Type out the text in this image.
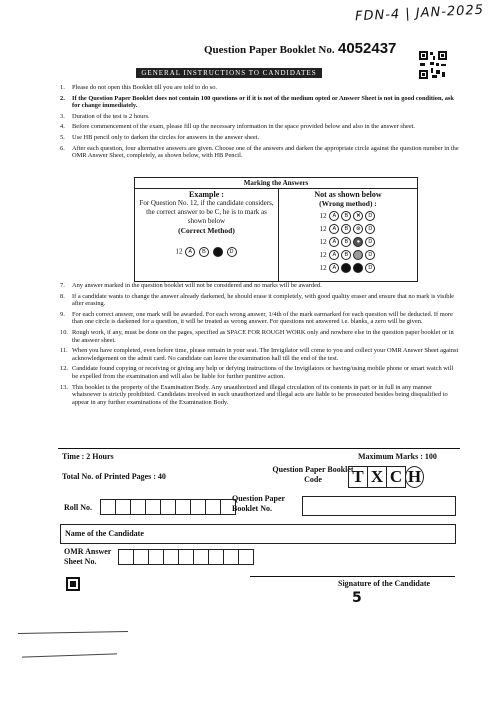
FDN-4 | JAN-2025
Question Paper Booklet No. 4052437
GENERAL INSTRUCTIONS TO CANDIDATES
1. Please do not open this Booklet till you are told to do so.
2. If the Question Paper Booklet does not contain 100 questions or if it is not of the medium opted or Answer Sheet is not in good condition, ask for change immediately.
3. Duration of the test is 2 hours.
4. Before commencement of the exam, please fill up the necessary information in the space provided below and also in the answer sheet.
5. Use HB pencil only to darken the circles for answers in the answer sheet.
6. After each question, four alternative answers are given. Choose one of the answers and darken the appropriate circle against the question number in the OMR Answer Sheet, completely, as shown below, with HB Pencil.
Marking the Answers

Example :
For Question No. 12, if the candidate considers, the correct answer to be C, he is to mark as shown below
(Correct Method)
12 A B	D

Not as shown below
(Wrong method) :
12 A B ✕ D
12 A B ⊗ D
12 A B ● D
12 A B	D
12 A	D
7. Any answer marked in the question booklet will not be considered and no marks will be awarded.
8. If a candidate wants to change the answer already darkened, he should erase it completely, with good quality eraser and ensure that no mark is visible after erasing.
9. For each correct answer, one mark will be awarded. For each wrong answer, 1/4th of the mark earmarked for each question will be deducted. If more than one circle is darkened for a question, it will be treated as wrong answer. For questions not answered i.e. blanks, a zero will be given.
10. Rough work, if any, must be done on the pages, specified as SPACE FOR ROUGH WORK only and nowhere else in the question paper booklet or in the answer sheet.
11. When you have completed, even before time, please remain in your seat. The Invigilator will come to you and collect your OMR Answer Sheet against acknowledgement on the admit card. No candidate can leave the examination hall till the end of the test.
12. Candidate found copying or receiving or giving any help or defying instructions of the Invigilators or having/using mobile phone or smart watch will be expelled from the examination and will also be liable for further punitive action.
13. This booklet is the property of the Examination Body. Any unauthorized and illegal circulation of its contents in part or in full in any manner whatsoever is strictly prohibited. Candidates involved in such unauthorized and illegal acts are liable to be prosecuted besides being disqualified to appear in any further examinations of the Examination Body.
Time : 2 Hours	Maximum Marks : 100
Total No. of Printed Pages : 40
Question Paper Booklet Code	T X C H
Roll No.
Question Paper Booklet No.
Name of the Candidate
OMR Answer Sheet No.
Signature of the Candidate
5
